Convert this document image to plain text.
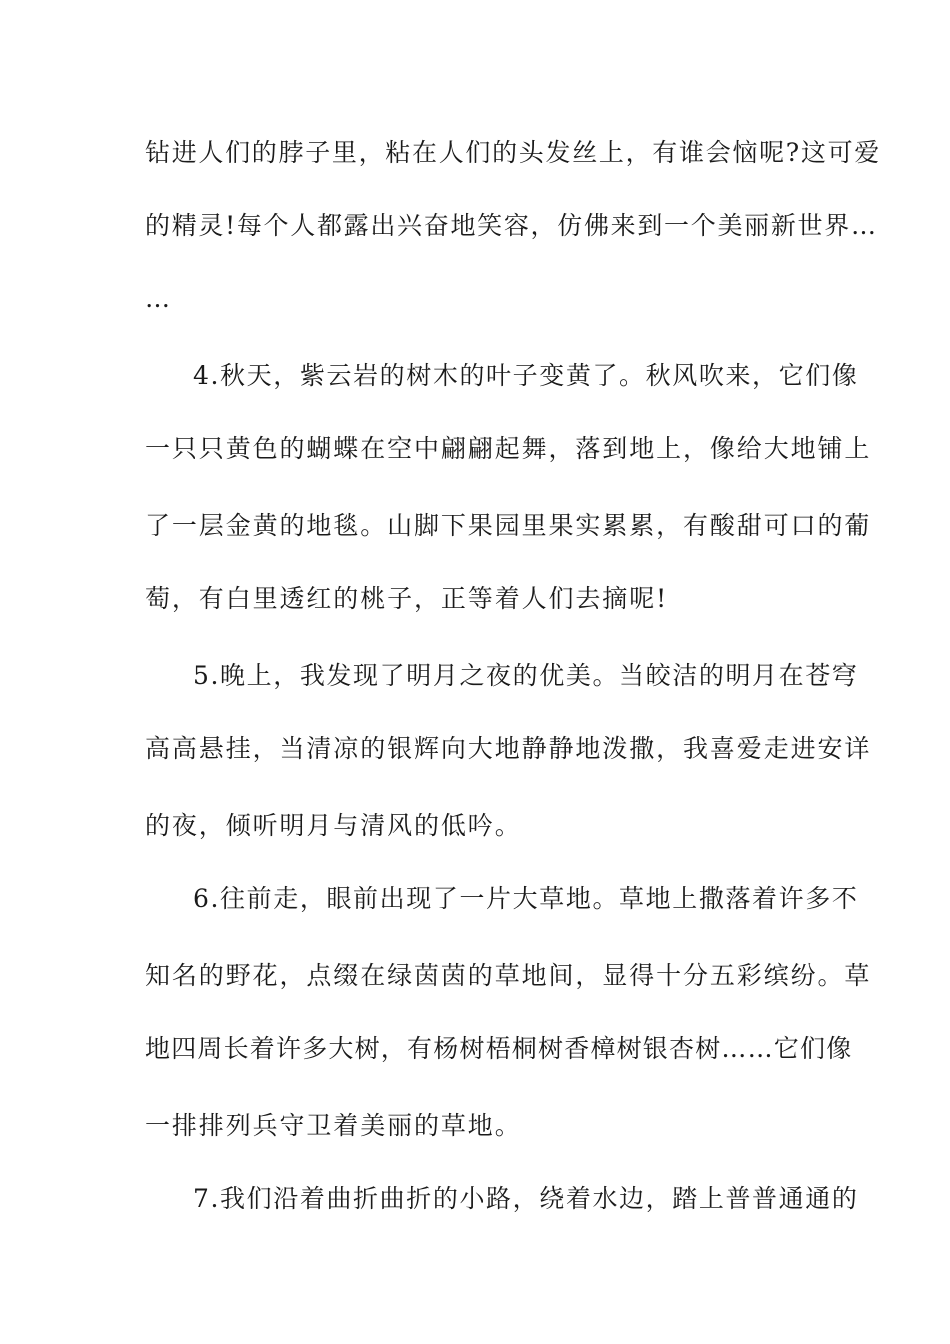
钻进人们的脖子里，粘在人们的头发丝上，有谁会恼呢?这可爱
的精灵!每个人都露出兴奋地笑容，仿佛来到一个美丽新世界…
…
4.秋天，紫云岩的树木的叶子变黄了。秋风吹来，它们像
一只只黄色的蝴蝶在空中翩翩起舞，落到地上，像给大地铺上
了一层金黄的地毯。山脚下果园里果实累累，有酸甜可口的葡
萄，有白里透红的桃子，正等着人们去摘呢!
5.晚上，我发现了明月之夜的优美。当皎洁的明月在苍穹
高高悬挂，当清凉的银辉向大地静静地泼撒，我喜爱走进安详
的夜，倾听明月与清风的低吟。
6.往前走，眼前出现了一片大草地。草地上撒落着许多不
知名的野花，点缀在绿茵茵的草地间，显得十分五彩缤纷。草
地四周长着许多大树，有杨树梧桐树香樟树银杏树……它们像
一排排列兵守卫着美丽的草地。
7.我们沿着曲折曲折的小路，绕着水边，踏上普普通通的
